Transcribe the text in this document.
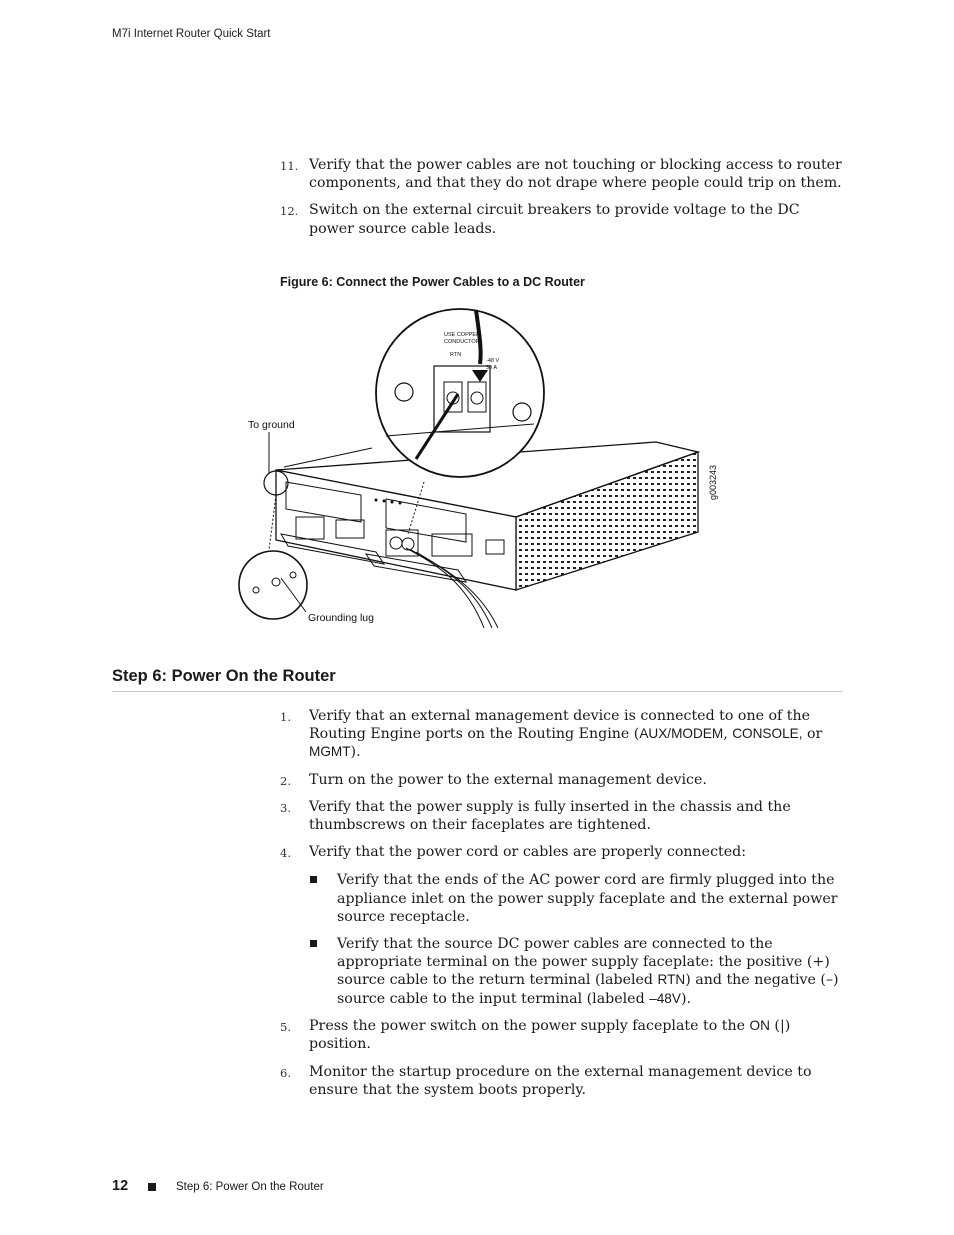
M7i Internet Router Quick Start
11. Verify that the power cables are not touching or blocking access to router components, and that they do not drape where people could trip on them.
12. Switch on the external circuit breakers to provide voltage to the DC power source cable leads.
Figure 6: Connect the Power Cables to a DC Router
USE COPPER
CONDUCTOR
RTN
-48 V
30 A
To ground
Grounding lug
g003243
Step 6: Power On the Router
1. Verify that an external management device is connected to one of the Routing Engine ports on the Routing Engine (AUX/MODEM, CONSOLE, or MGMT).
2. Turn on the power to the external management device.
3. Verify that the power supply is fully inserted in the chassis and the thumbscrews on their faceplates are tightened.
4. Verify that the power cord or cables are properly connected:
Verify that the ends of the AC power cord are firmly plugged into the appliance inlet on the power supply faceplate and the external power source receptacle.
Verify that the source DC power cables are connected to the appropriate terminal on the power supply faceplate: the positive (+) source cable to the return terminal (labeled RTN) and the negative (–) source cable to the input terminal (labeled –48V).
5. Press the power switch on the power supply faceplate to the ON (|) position.
6. Monitor the startup procedure on the external management device to ensure that the system boots properly.
12	Step 6: Power On the Router
